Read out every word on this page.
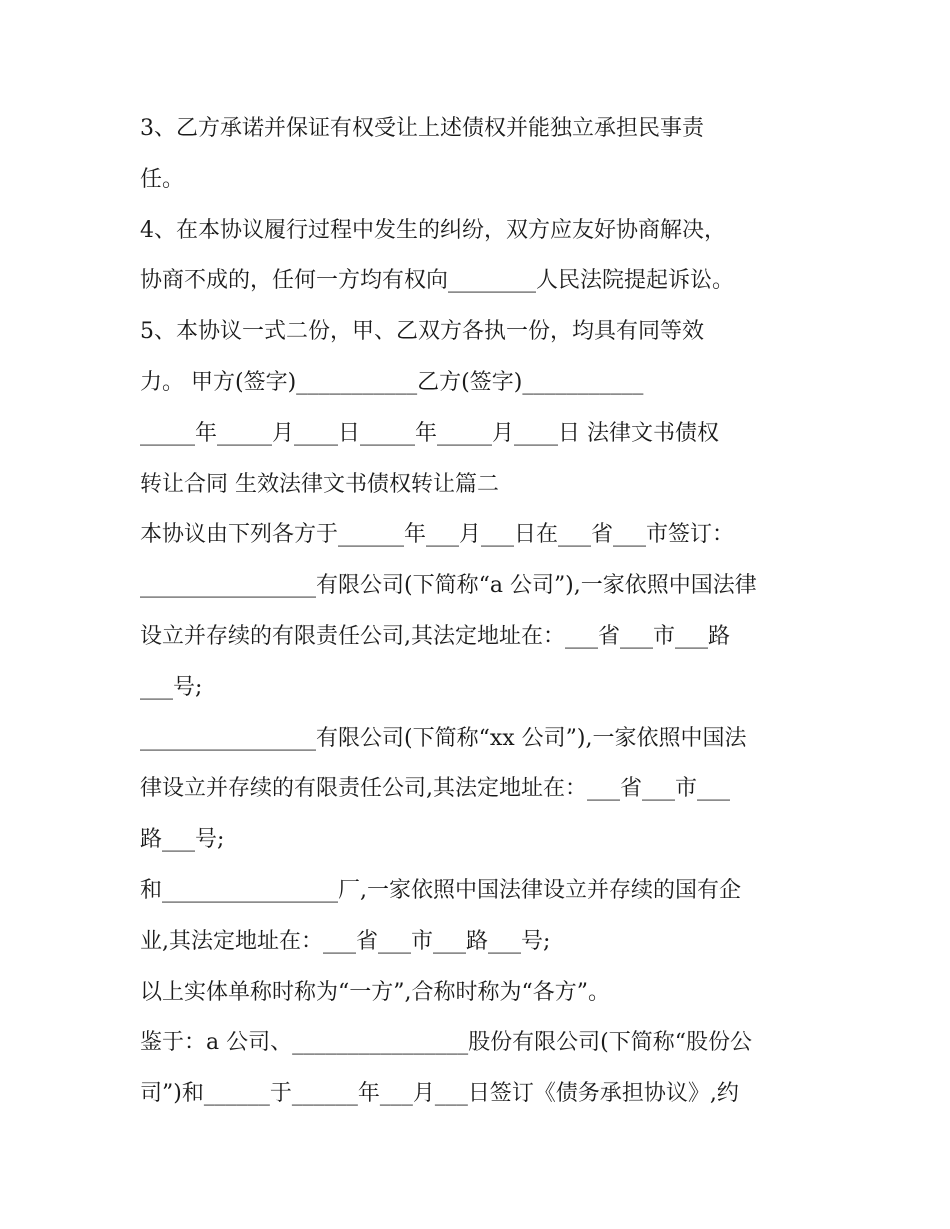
3、乙方承诺并保证有权受让上述债权并能独立承担民事责
任。
4、在本协议履行过程中发生的纠纷，双方应友好协商解决，
协商不成的，任何一方均有权向________人民法院提起诉讼。
5、本协议一式二份，甲、乙双方各执一份，均具有同等效
力。 甲方(签字)___________乙方(签字)___________
_____年_____月____日_____年_____月____日 法律文书债权
转让合同 生效法律文书债权转让篇二
本协议由下列各方于______年___月___日在___省___市签订：
________________有限公司(下简称“a 公司”),一家依照中国法律
设立并存续的有限责任公司,其法定地址在：___省___市___路
___号;
________________有限公司(下简称“xx 公司”),一家依照中国法
律设立并存续的有限责任公司,其法定地址在：___省___市___
路___号;
和________________厂,一家依照中国法律设立并存续的国有企
业,其法定地址在：___省___市___路___号;
以上实体单称时称为“一方”,合称时称为“各方”。
鉴于：a 公司、________________股份有限公司(下简称“股份公
司”)和______于______年___月___日签订《债务承担协议》,约
